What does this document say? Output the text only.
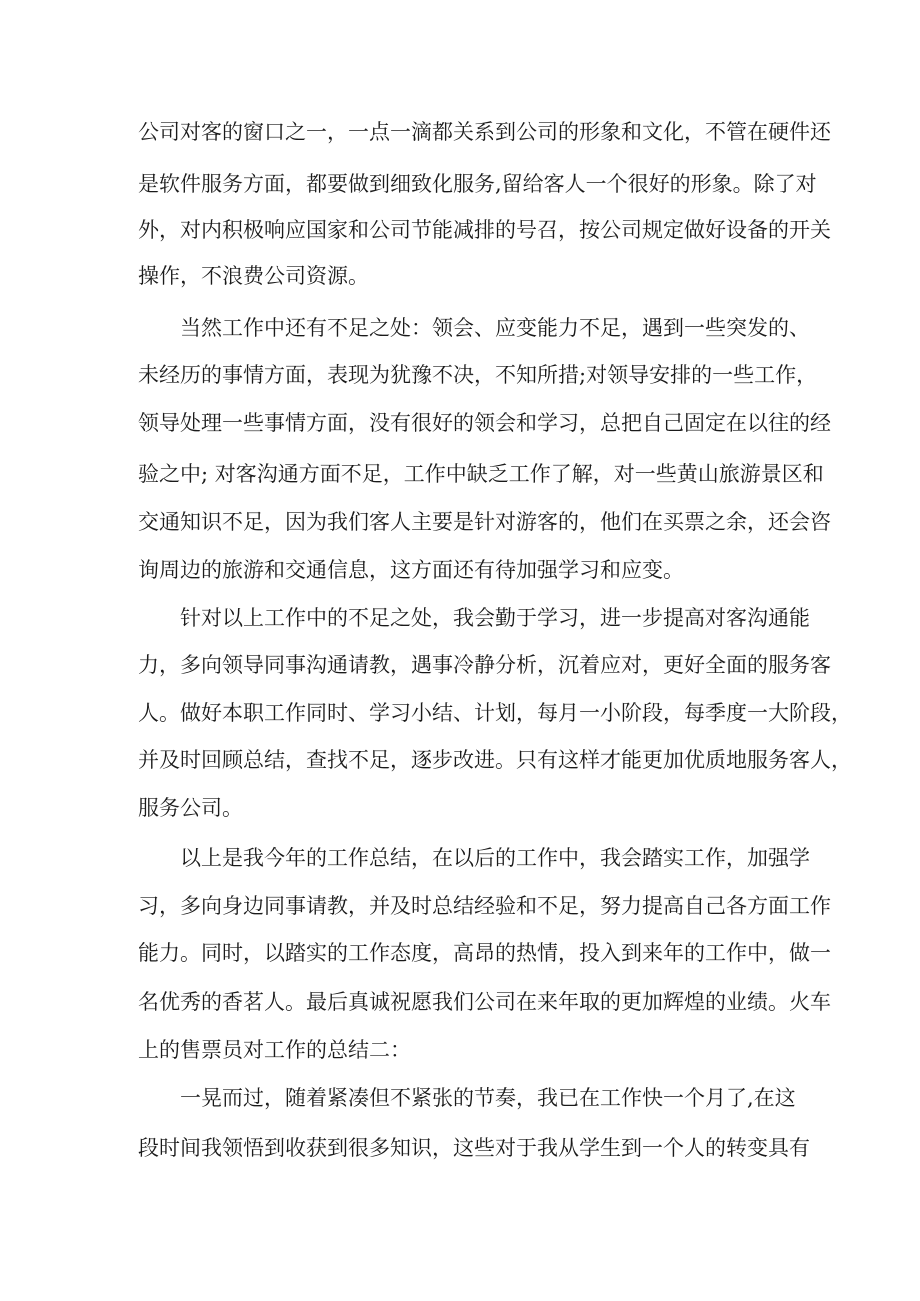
公司对客的窗口之一，一点一滴都关系到公司的形象和文化，不管在硬件还
是软件服务方面，都要做到细致化服务,留给客人一个很好的形象。除了对
外，对内积极响应国家和公司节能减排的号召，按公司规定做好设备的开关
操作，不浪费公司资源。
当然工作中还有不足之处：领会、应变能力不足，遇到一些突发的、
未经历的事情方面，表现为犹豫不决，不知所措;对领导安排的一些工作，
领导处理一些事情方面，没有很好的领会和学习，总把自己固定在以往的经
验之中; 对客沟通方面不足，工作中缺乏工作了解，对一些黄山旅游景区和
交通知识不足，因为我们客人主要是针对游客的，他们在买票之余，还会咨
询周边的旅游和交通信息，这方面还有待加强学习和应变。
针对以上工作中的不足之处，我会勤于学习，进一步提高对客沟通能
力，多向领导同事沟通请教，遇事冷静分析，沉着应对，更好全面的服务客
人。做好本职工作同时、学习小结、计划，每月一小阶段，每季度一大阶段，
并及时回顾总结，查找不足，逐步改进。只有这样才能更加优质地服务客人，
服务公司。
以上是我今年的工作总结，在以后的工作中，我会踏实工作，加强学
习，多向身边同事请教，并及时总结经验和不足，努力提高自己各方面工作
能力。同时，以踏实的工作态度，高昂的热情，投入到来年的工作中，做一
名优秀的香茗人。最后真诚祝愿我们公司在来年取的更加辉煌的业绩。火车
上的售票员对工作的总结二：
一晃而过，随着紧凑但不紧张的节奏，我已在工作快一个月了,在这
段时间我领悟到收获到很多知识，这些对于我从学生到一个人的转变具有
